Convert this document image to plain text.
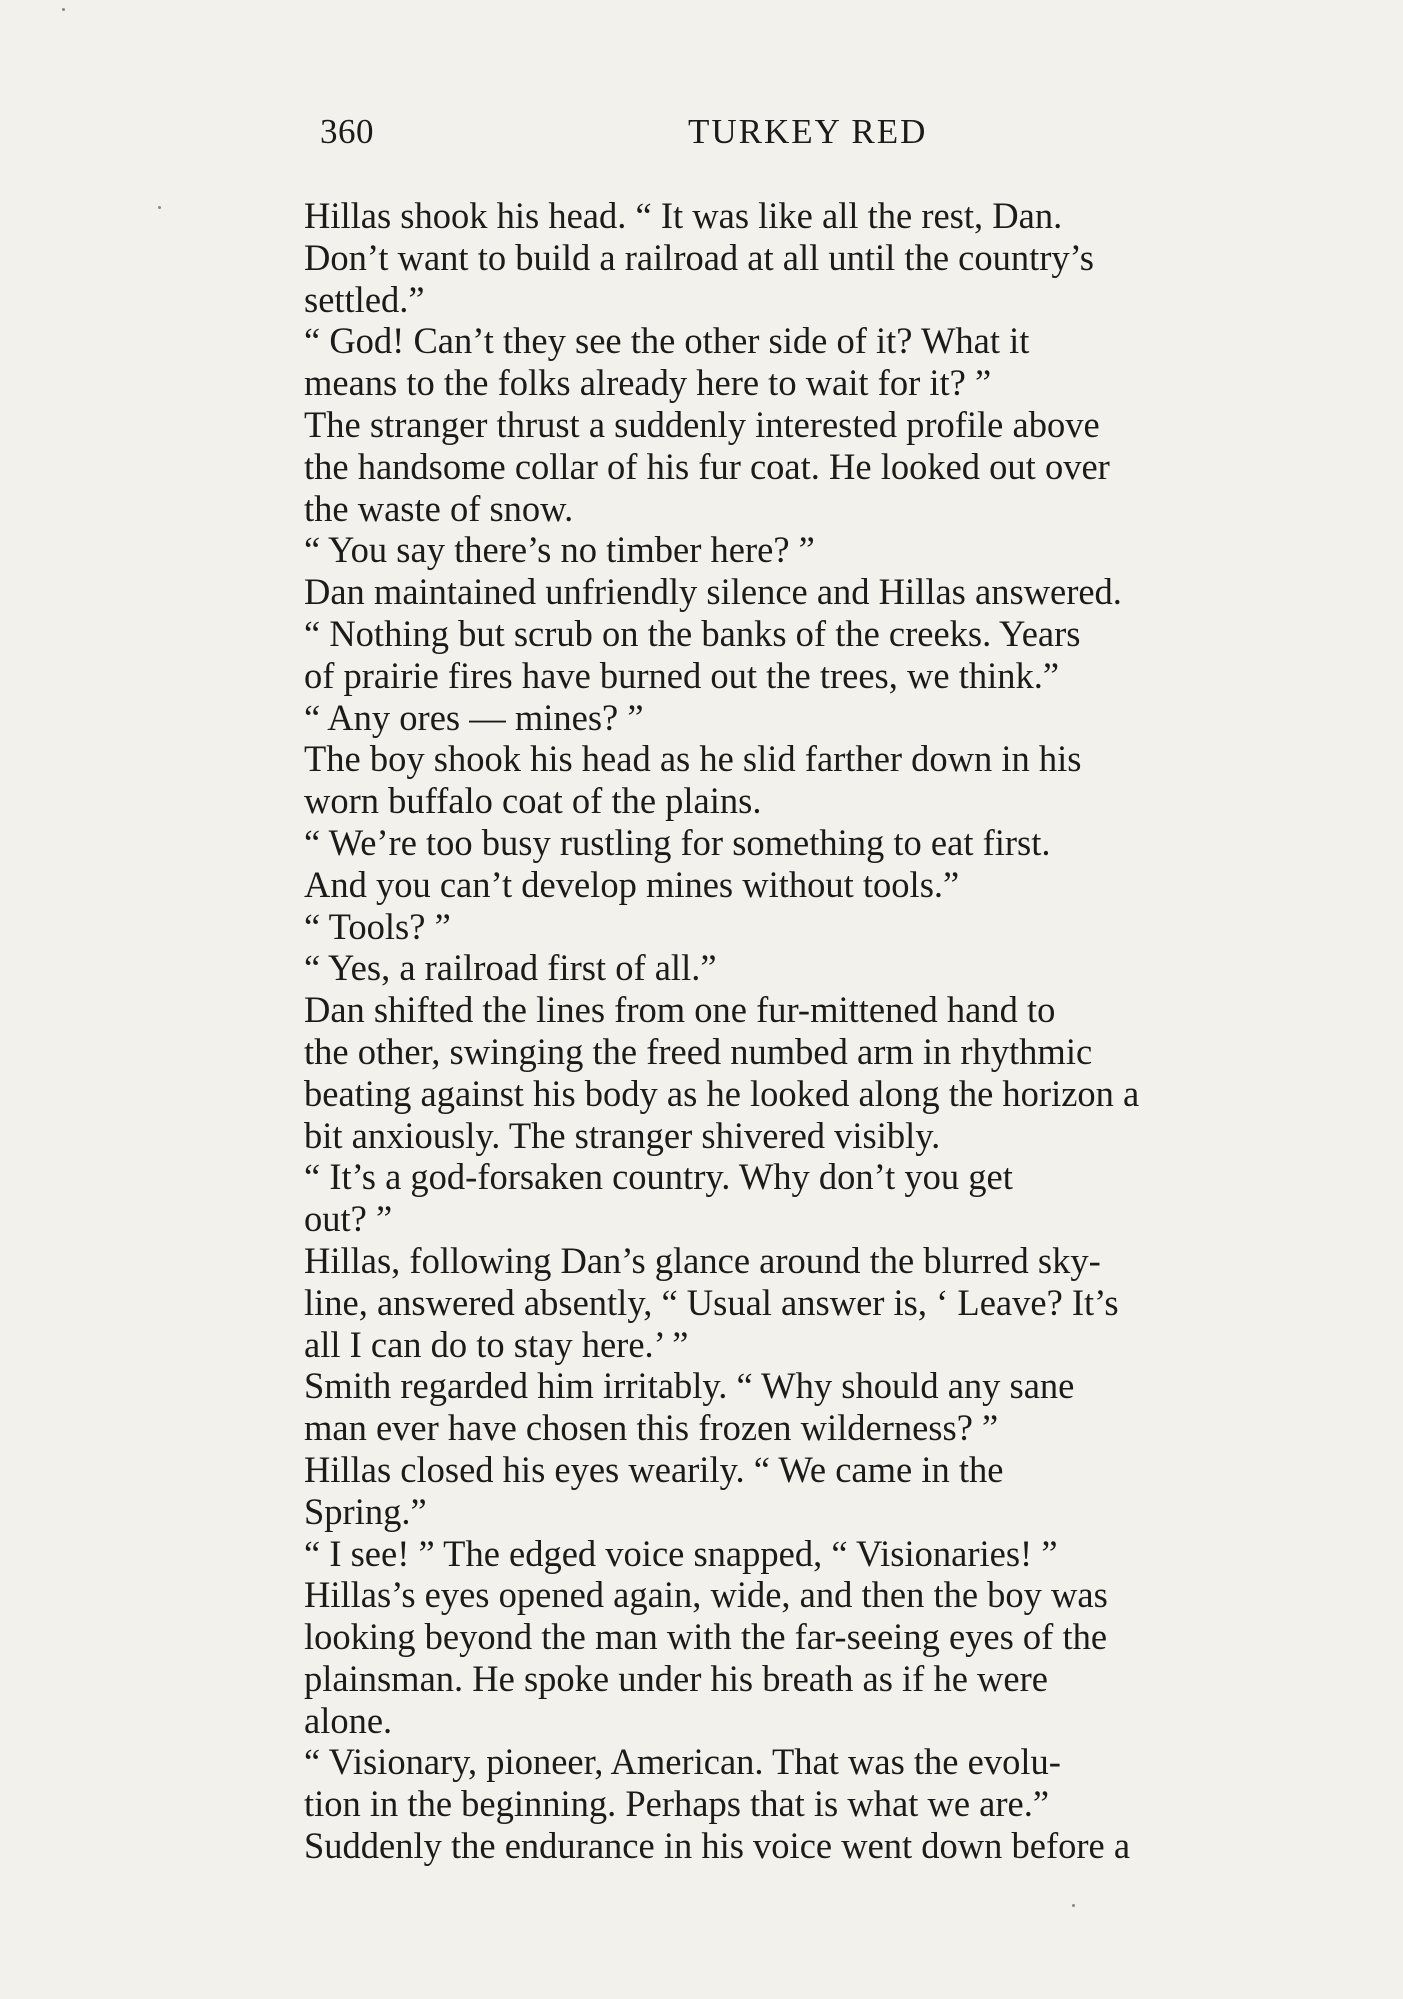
360	TURKEY RED
Hillas shook his head. “ It was like all the rest, Dan.
Don’t want to build a railroad at all until the country’s
settled.”
“ God! Can’t they see the other side of it? What it
means to the folks already here to wait for it? ”
The stranger thrust a suddenly interested profile above
the handsome collar of his fur coat. He looked out over
the waste of snow.
“ You say there’s no timber here? ”
Dan maintained unfriendly silence and Hillas answered.
“ Nothing but scrub on the banks of the creeks. Years
of prairie fires have burned out the trees, we think.”
“ Any ores — mines? ”
The boy shook his head as he slid farther down in his
worn buffalo coat of the plains.
“ We’re too busy rustling for something to eat first.
And you can’t develop mines without tools.”
“ Tools? ”
“ Yes, a railroad first of all.”
Dan shifted the lines from one fur-mittened hand to
the other, swinging the freed numbed arm in rhythmic
beating against his body as he looked along the horizon a
bit anxiously. The stranger shivered visibly.
“ It’s a god-forsaken country. Why don’t you get
out? ”
Hillas, following Dan’s glance around the blurred sky-
line, answered absently, “ Usual answer is, ‘ Leave? It’s
all I can do to stay here.’ ”
Smith regarded him irritably. “ Why should any sane
man ever have chosen this frozen wilderness? ”
Hillas closed his eyes wearily. “ We came in the
Spring.”
“ I see! ” The edged voice snapped, “ Visionaries! ”
Hillas’s eyes opened again, wide, and then the boy was
looking beyond the man with the far-seeing eyes of the
plainsman. He spoke under his breath as if he were
alone.
“ Visionary, pioneer, American. That was the evolu-
tion in the beginning. Perhaps that is what we are.”
Suddenly the endurance in his voice went down before a
